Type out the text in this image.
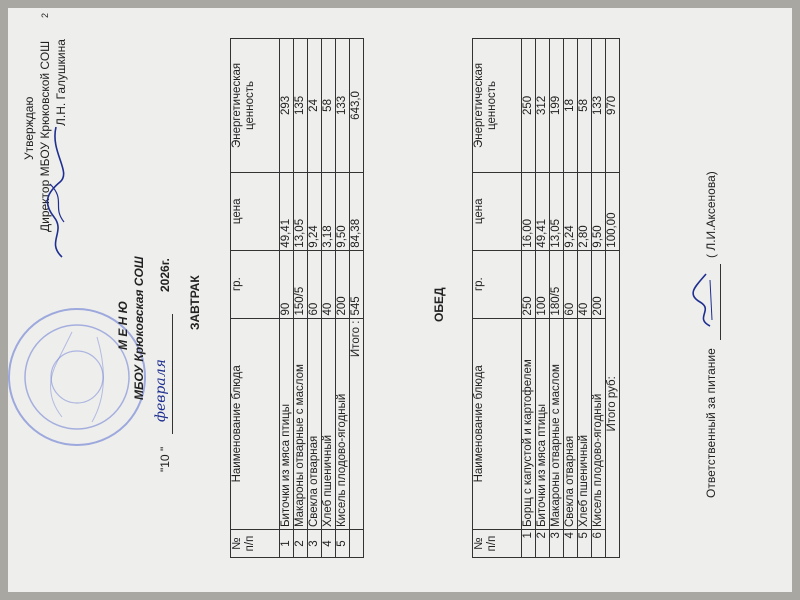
2
Утверждаю Директор МБОУ Крюковской СОШ Л.Н. Галушкина
М Е Н Ю МБОУ Крюковская СОШ
"10 "
февраля
2026г.
ЗАВТРАК
№ п/п	Наименование блюда	гр.	цена	Энергетическая ценность
1	Биточки из мяса птицы	90	49,41	293
2	Макароны отварные с маслом	150/5	13,05	135
3	Свекла отварная	60	9,24	24
4	Хлеб пшеничный	40	3,18	58
5	Кисель плодово-ягодный	200	9,50	133
	Итого :	545	84,38	643,0
ОБЕД
№ п/п	Наименование блюда	гр.	цена	Энергетическая ценность
1	Борщ с капустой и картофелем	250	16,00	250
2	Биточки из мяса птицы	100	49,41	312
3	Макароны отварные с маслом	180/5	13,05	199
4	Свекла отварная	60	9,24	18
5	Хлеб пшеничный	40	2,80	58
6	Кисель плодово-ягодный	200	9,50	133
Итого руб:			100,00	970
Ответственный за питание
( Л.И.Аксенова)
